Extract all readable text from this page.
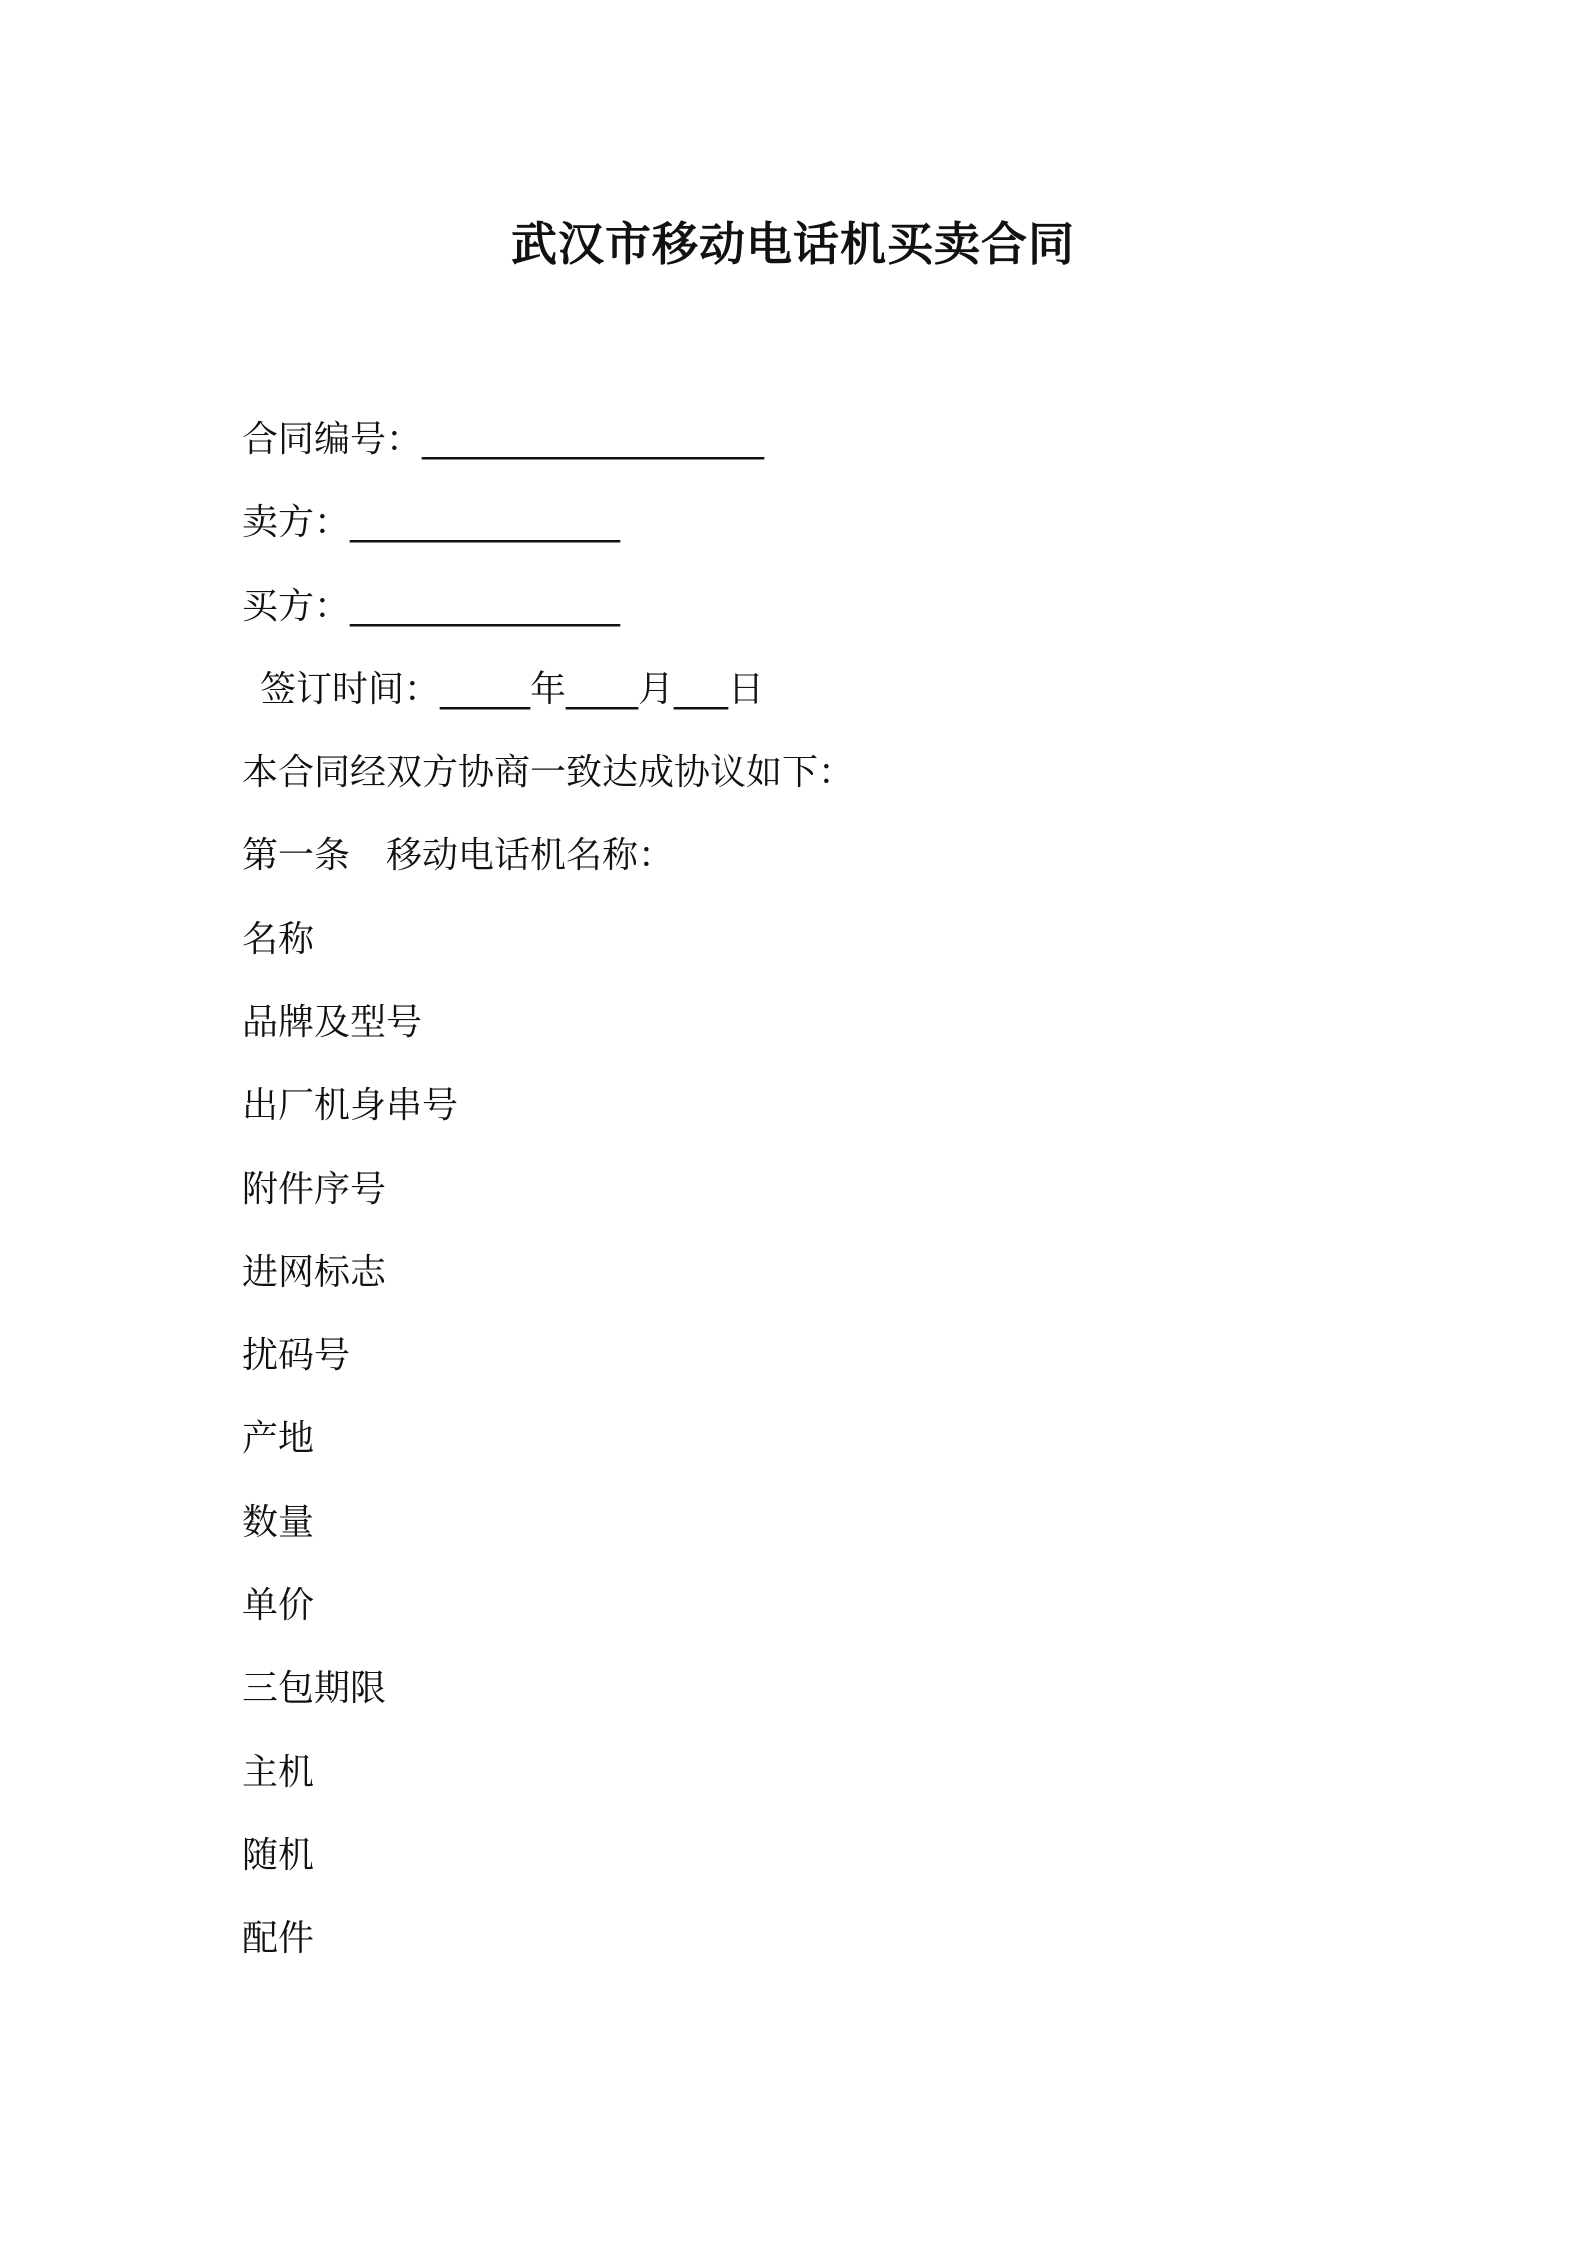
武汉市移动电话机买卖合同

合同编号：___________________

卖方：_______________

买方：_______________

签订时间：_____年____月___日

本合同经双方协商一致达成协议如下：

第一条　移动电话机名称：

名称

品牌及型号

出厂机身串号

附件序号

进网标志

扰码号

产地

数量

单价

三包期限

主机

随机

配件
